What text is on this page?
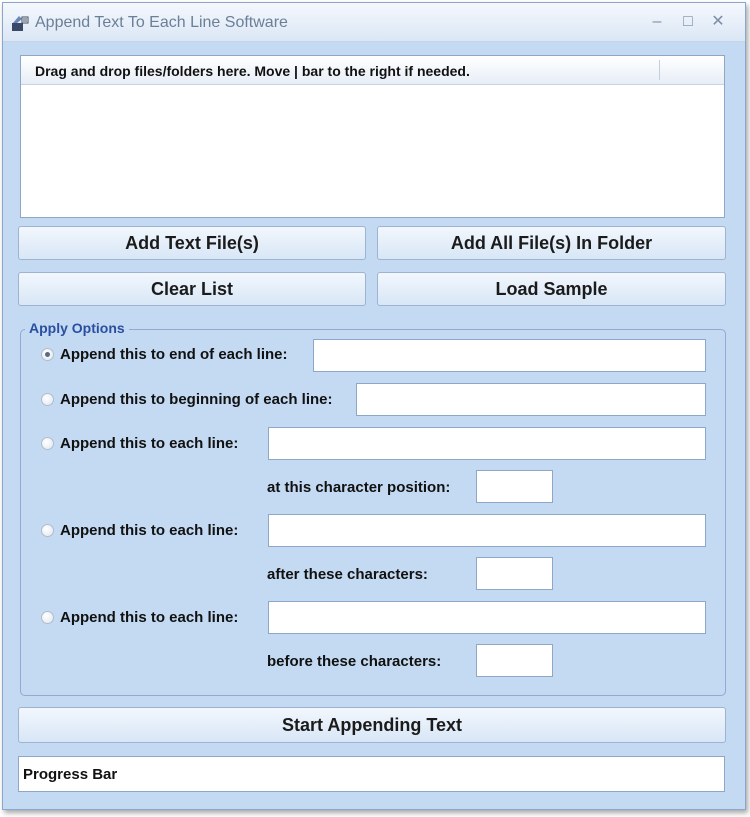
Append Text To Each Line Software	–	□	✕
Drag and drop files/folders here. Move | bar to the right if needed.
Add Text File(s)	Add All File(s) In Folder
Clear List	Load Sample
Apply Options
Append this to end of each line:
Append this to beginning of each line:
Append this to each line:
at this character position:
Append this to each line:
after these characters:
Append this to each line:
before these characters:
Start Appending Text
Progress Bar
